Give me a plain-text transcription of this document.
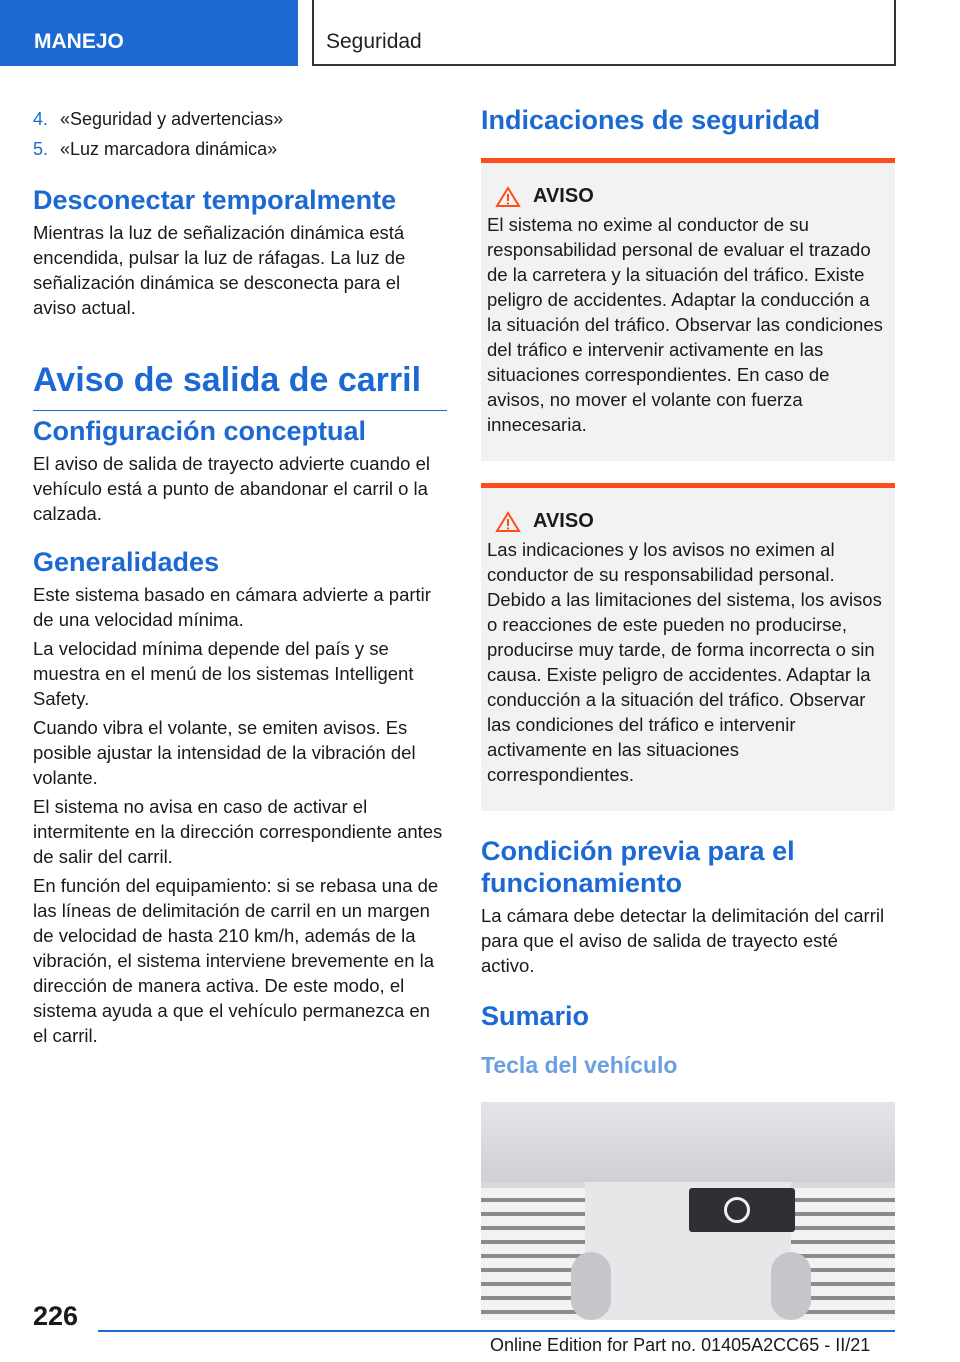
MANEJO	Seguridad
4. «Seguridad y advertencias»
5. «Luz marcadora dinámica»
Desconectar temporalmente

Mientras la luz de señalización dinámica está encendida, pulsar la luz de ráfagas. La luz de señalización dinámica se desconecta para el aviso actual.

Aviso de salida de carril
Configuración conceptual

El aviso de salida de trayecto advierte cuando el vehículo está a punto de abandonar el carril o la calzada.

Generalidades

Este sistema basado en cámara advierte a partir de una velocidad mínima.

La velocidad mínima depende del país y se muestra en el menú de los sistemas Intelligent Safety.

Cuando vibra el volante, se emiten avisos. Es posible ajustar la intensidad de la vibración del volante.

El sistema no avisa en caso de activar el intermitente en la dirección correspondiente antes de salir del carril.

En función del equipamiento: si se rebasa una de las líneas de delimitación de carril en un margen de velocidad de hasta 210 km/h, además de la vibración, el sistema interviene brevemente en la dirección de manera activa. De este modo, el sistema ayuda a que el vehículo permanezca en el carril.

Indicaciones de seguridad
AVISO

El sistema no exime al conductor de su responsabilidad personal de evaluar el trazado de la carretera y la situación del tráfico. Existe peligro de accidentes. Adaptar la conducción a la situación del tráfico. Observar las condiciones del tráfico e intervenir activamente en las situaciones correspondientes. En caso de avisos, no mover el volante con fuerza innecesaria.

AVISO

Las indicaciones y los avisos no eximen al conductor de su responsabilidad personal. Debido a las limitaciones del sistema, los avisos o reacciones de este pueden no producirse, producirse muy tarde, de forma incorrecta o sin causa. Existe peligro de accidentes. Adaptar la conducción a la situación del tráfico. Observar las condiciones del tráfico e intervenir activamente en las situaciones correspondientes.

Condición previa para el funcionamiento

La cámara debe detectar la delimitación del carril para que el aviso de salida de trayecto esté activo.

Sumario
Tecla del vehículo
226
Online Edition for Part no. 01405A2CC65 - II/21
